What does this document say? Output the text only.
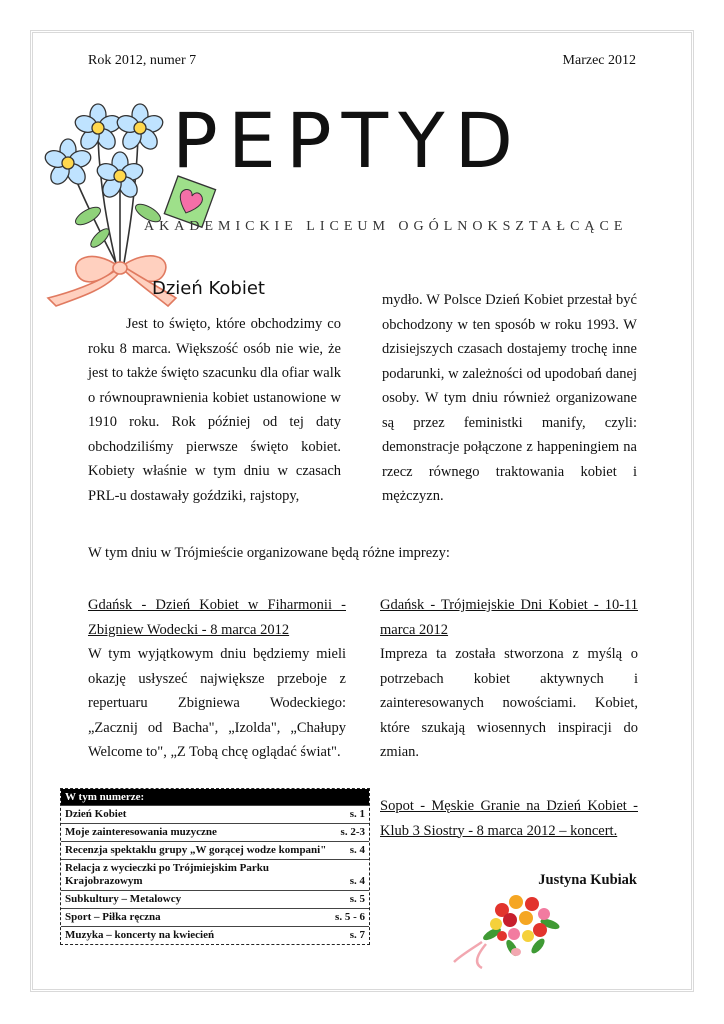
Rok 2012, numer 7	Marzec 2012
PEPTYD
AKADEMICKIE LICEUM OGÓLNOKSZTAŁCĄCE
Dzień Kobiet

Jest to święto, które obchodzimy co roku 8 marca. Większość osób nie wie, że jest to także święto szacunku dla ofiar walk o równouprawnienia kobiet ustanowione w 1910 roku. Rok później od tej daty obchodziliśmy pierwsze święto kobiet. Kobiety właśnie w tym dniu w czasach PRL-u dostawały goździki, rajstopy,

mydło. W Polsce Dzień Kobiet przestał być obchodzony w ten sposób w roku 1993. W dzisiejszych czasach dostajemy trochę inne podarunki, w zależności od upodobań danej osoby. W tym dniu również organizowane są przez feministki manify, czyli: demonstracje połączone z happeningiem na rzecz równego traktowania kobiet i mężczyzn.

W tym dniu w Trójmieście organizowane będą różne imprezy:

Gdańsk - Dzień Kobiet w Fiharmonii - Zbigniew Wodecki - 8 marca 2012

W tym wyjątkowym dniu będziemy mieli okazję usłyszeć największe przeboje z repertuaru Zbigniewa Wodeckiego: „Zacznij od Bacha", „Izolda", „Chałupy Welcome to", „Z Tobą chcę oglądać świat".

Gdańsk - Trójmiejskie Dni Kobiet - 10-11 marca 2012

Impreza ta została stworzona z myślą o potrzebach kobiet aktywnych i zainteresowanych nowościami. Kobiet, które szukają wiosennych inspiracji do zmian.

Sopot - Męskie Granie na Dzień Kobiet - Klub 3 Siostry - 8 marca 2012 – koncert.

Justyna Kubiak
W tym numerze:
Dzień Kobiet	s. 1
Moje zainteresowania muzyczne	s. 2-3
Recenzja spektaklu grupy „W gorącej wodze kompani"	s. 4
Relacja z wycieczki po Trójmiejskim Parku Krajobrazowym	s. 4
Subkultury – Metalowcy	s. 5
Sport – Piłka ręczna	s. 5 - 6
Muzyka – koncerty na kwiecień	s. 7
